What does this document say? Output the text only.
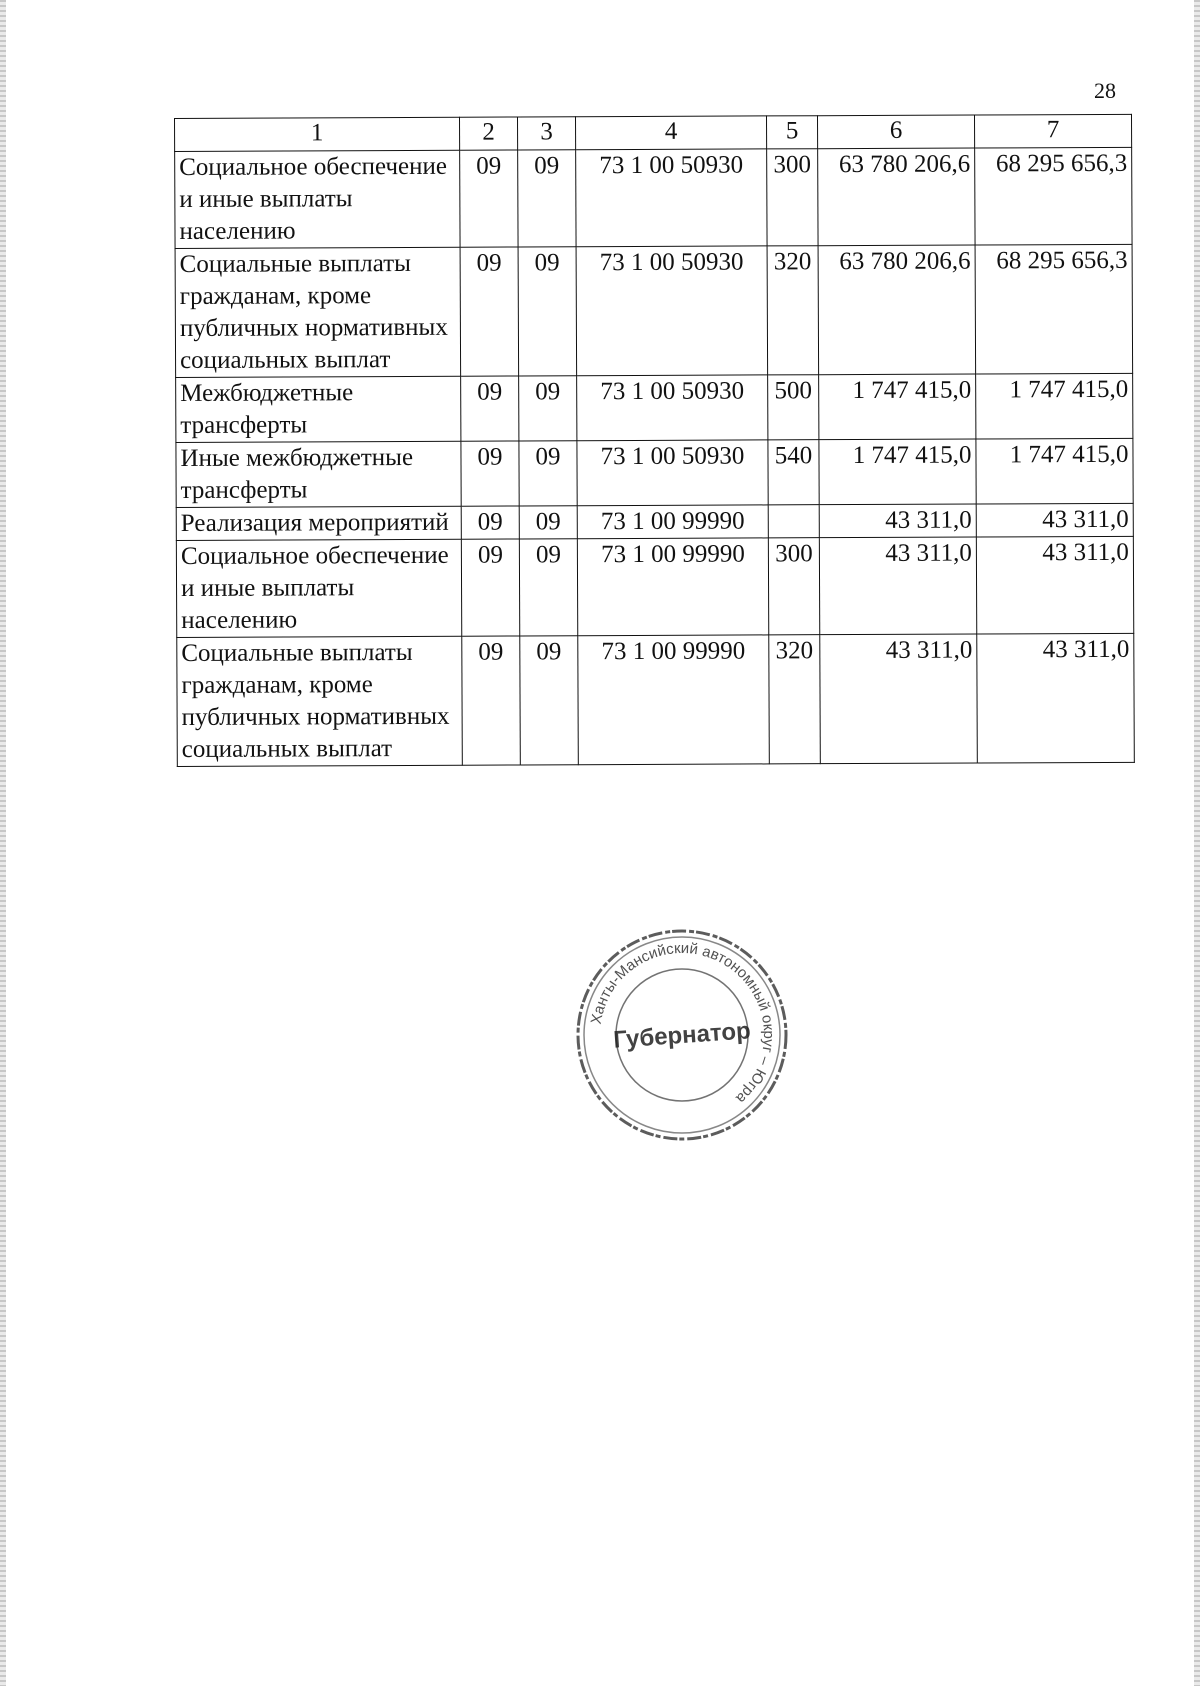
28
1	2	3	4	5	6	7
Социальное обеспечение и иные выплаты населению	09	09	73 1 00 50930	300	63 780 206,6	68 295 656,3
Социальные выплаты гражданам, кроме публичных нормативных социальных выплат	09	09	73 1 00 50930	320	63 780 206,6	68 295 656,3
Межбюджетные трансферты	09	09	73 1 00 50930	500	1 747 415,0	1 747 415,0
Иные межбюджетные трансферты	09	09	73 1 00 50930	540	1 747 415,0	1 747 415,0
Реализация мероприятий	09	09	73 1 00 99990		43 311,0	43 311,0
Социальное обеспечение и иные выплаты населению	09	09	73 1 00 99990	300	43 311,0	43 311,0
Социальные выплаты гражданам, кроме публичных нормативных социальных выплат	09	09	73 1 00 99990	320	43 311,0	43 311,0
Ханты-Мансийский автономный округ – Югра
Губернатор
